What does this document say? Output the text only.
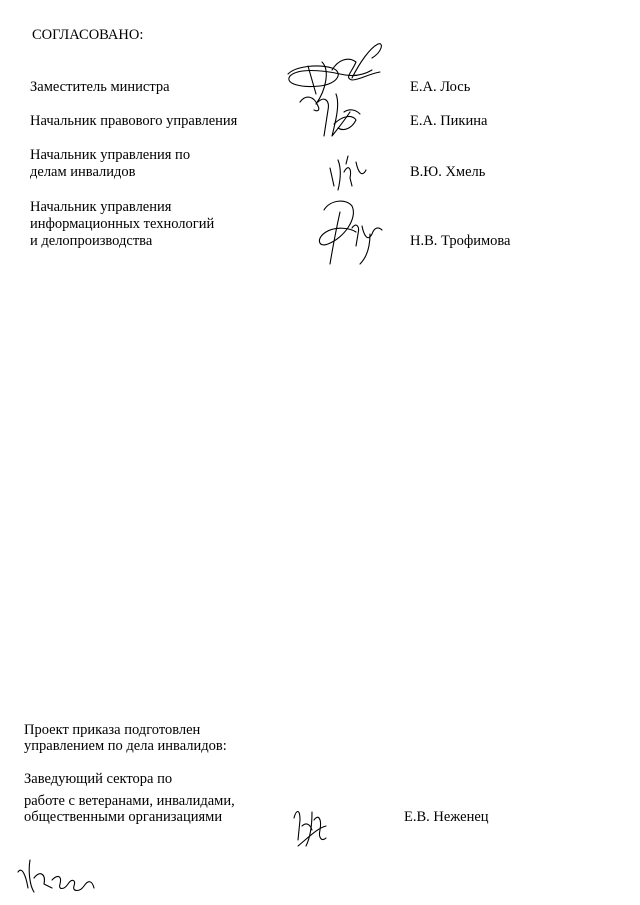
СОГЛАСОВАНО:
Заместитель министра	Е.А. Лось
Начальник правового управления	Е.А. Пикина
Начальник управления по
делам инвалидов	В.Ю. Хмель
Начальник управления
информационных технологий
и делопроизводства	Н.В. Трофимова
Проект приказа подготовлен
управлением по дела инвалидов:
Заведующий сектора по
работе с ветеранами, инвалидами,
общественными организациями	Е.В. Неженец
